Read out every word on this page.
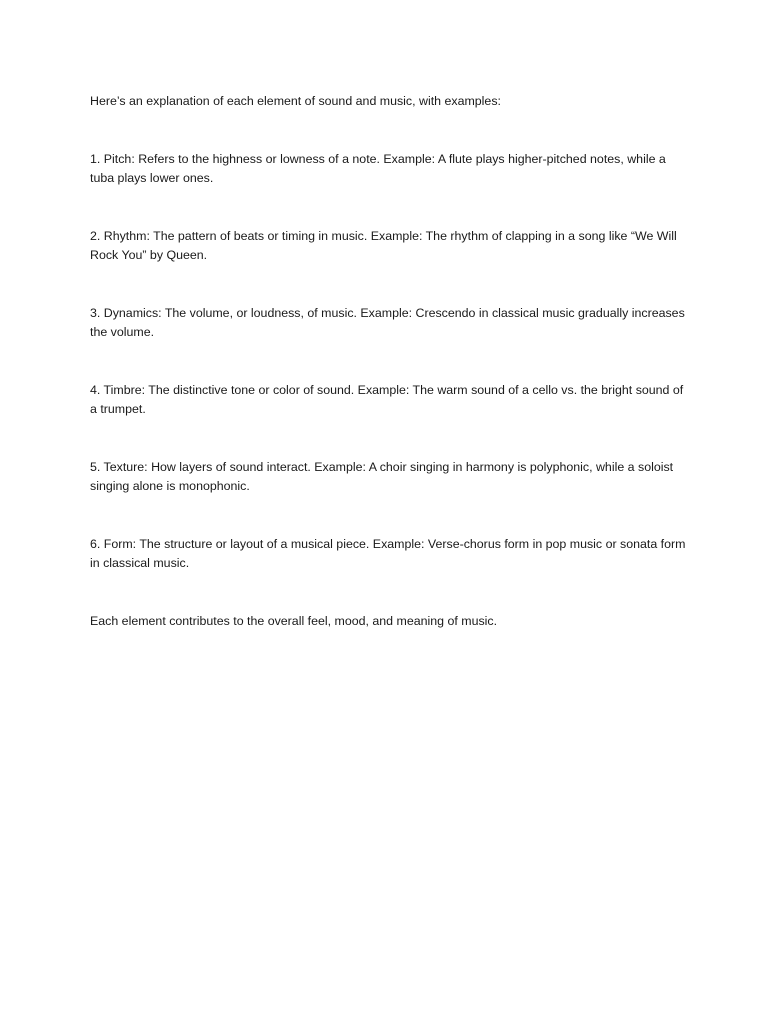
Here’s an explanation of each element of sound and music, with examples:

1. Pitch: Refers to the highness or lowness of a note. Example: A flute plays higher-pitched notes, while a tuba plays lower ones.

2. Rhythm: The pattern of beats or timing in music. Example: The rhythm of clapping in a song like “We Will Rock You” by Queen.

3. Dynamics: The volume, or loudness, of music. Example: Crescendo in classical music gradually increases the volume.

4. Timbre: The distinctive tone or color of sound. Example: The warm sound of a cello vs. the bright sound of a trumpet.

5. Texture: How layers of sound interact. Example: A choir singing in harmony is polyphonic, while a soloist singing alone is monophonic.

6. Form: The structure or layout of a musical piece. Example: Verse-chorus form in pop music or sonata form in classical music.

Each element contributes to the overall feel, mood, and meaning of music.
